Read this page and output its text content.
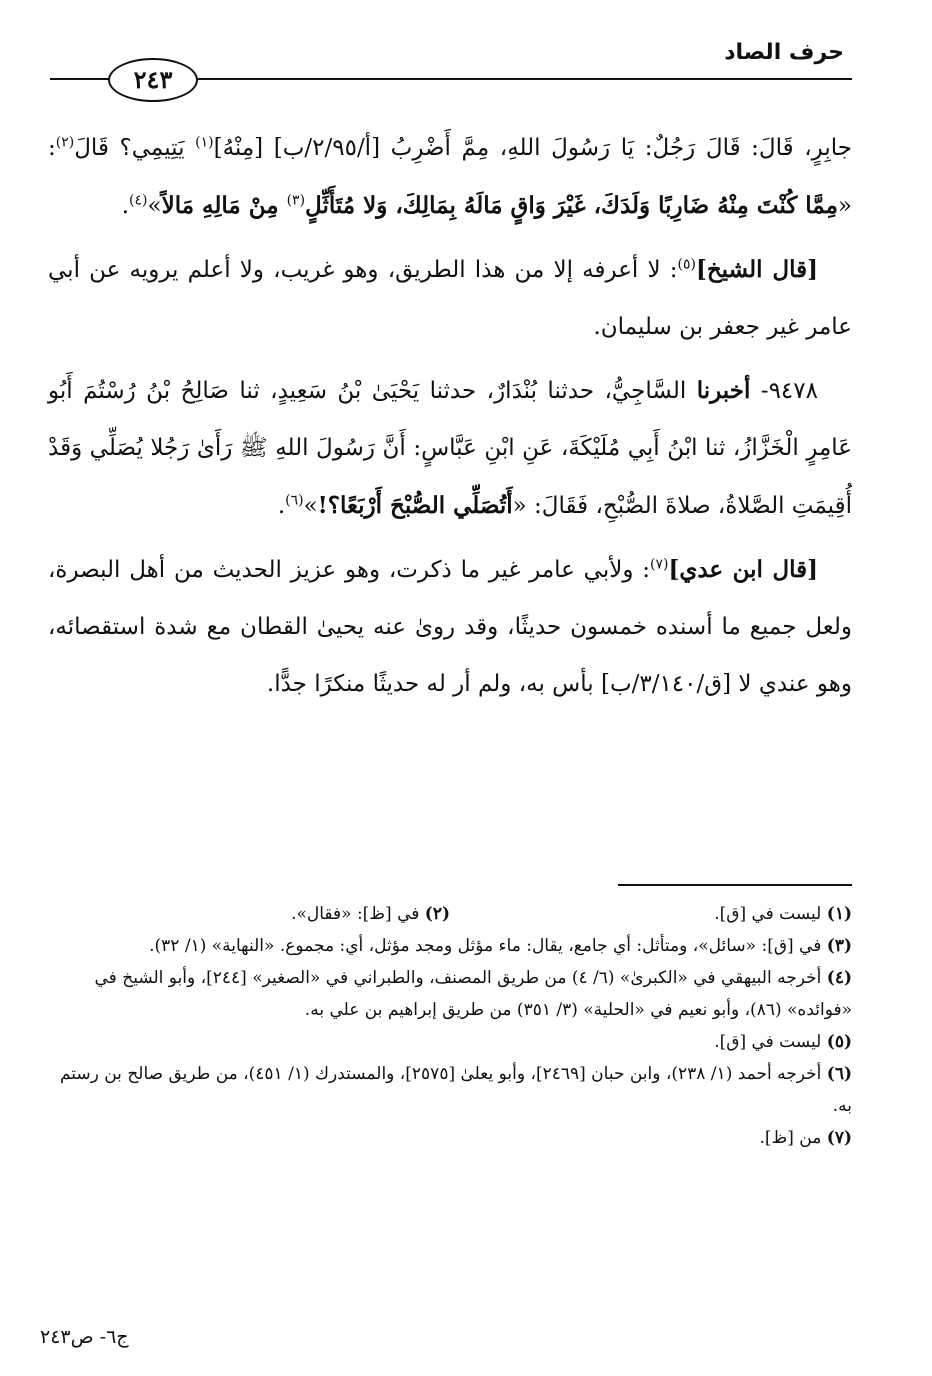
حرف الصاد
٢٤٣

جابِرٍ، قَالَ: قَالَ رَجُلٌ: يَا رَسُولَ اللهِ، مِمَّ أَضْرِبُ [أ/٢/٩٥/ب] [مِنْهُ]$^{(١)}$ يَتِيمِي؟ قَالَ$^{(٢)}$: «مِمَّا كُنْتَ مِنْهُ ضَارِبًا وَلَدَكَ، غَيْرَ وَاقٍ مَالَهُ بِمَالِكَ، وَلا مُتَأَثِّلٍ$^{(٣)}$ مِنْ مَالِهِ مَالاً»$^{(٤)}$.

[قال الشيخ]$^{(٥)}$: لا أعرفه إلا من هذا الطريق، وهو غريب، ولا أعلم يرويه عن أبي عامر غير جعفر بن سليمان.

٩٤٧٨- أخبرنا السَّاجِيُّ، حدثنا بُنْدَارٌ، حدثنا يَحْيَىٰ بْنُ سَعِيدٍ، ثنا صَالِحُ بْنُ رُسْتُمَ أَبُو عَامِرٍ الْخَزَّازُ، ثنا ابْنُ أَبِي مُلَيْكَةَ، عَنِ ابْنِ عَبَّاسٍ: أَنَّ رَسُولَ اللهِ ﷺ رَأَىٰ رَجُلا يُصَلِّي وَقَدْ أُقِيمَتِ الصَّلاةُ، صلاةَ الصُّبْحِ، فَقَالَ: «أَتُصَلِّي الصُّبْحَ أَرْبَعًا؟!»$^{(٦)}$.

[قال ابن عدي]$^{(٧)}$: ولأبي عامر غير ما ذكرت، وهو عزيز الحديث من أهل البصرة، ولعل جميع ما أسنده خمسون حديثًا، وقد روىٰ عنه يحيىٰ القطان مع شدة استقصائه، وهو عندي لا [ق/٣/١٤٠/ب] بأس به، ولم أر له حديثًا منكرًا جدًّا.

(١) ليست في [ق].
(٢) في [ظ]: «فقال».

(٣) في [ق]: «سائل»، ومتأثل: أي جامع، يقال: ماء مؤثل ومجد مؤثل، أي: مجموع. «النهاية» (١/ ٣٢).

(٤) أخرجه البيهقي في «الكبرىٰ» (٦/ ٤) من طريق المصنف، والطبراني في «الصغير» [٢٤٤]، وأبو الشيخ في «فوائده» (٨٦)، وأبو نعيم في «الحلية» (٣/ ٣٥١) من طريق إبراهيم بن علي به.

(٥) ليست في [ق].

(٦) أخرجه أحمد (١/ ٢٣٨)، وابن حبان [٢٤٦٩]، وأبو يعلىٰ [٢٥٧٥]، والمستدرك (١/ ٤٥١)، من طريق صالح بن رستم به.

(٧) من [ظ].

ج٦- ص٢٤٣
